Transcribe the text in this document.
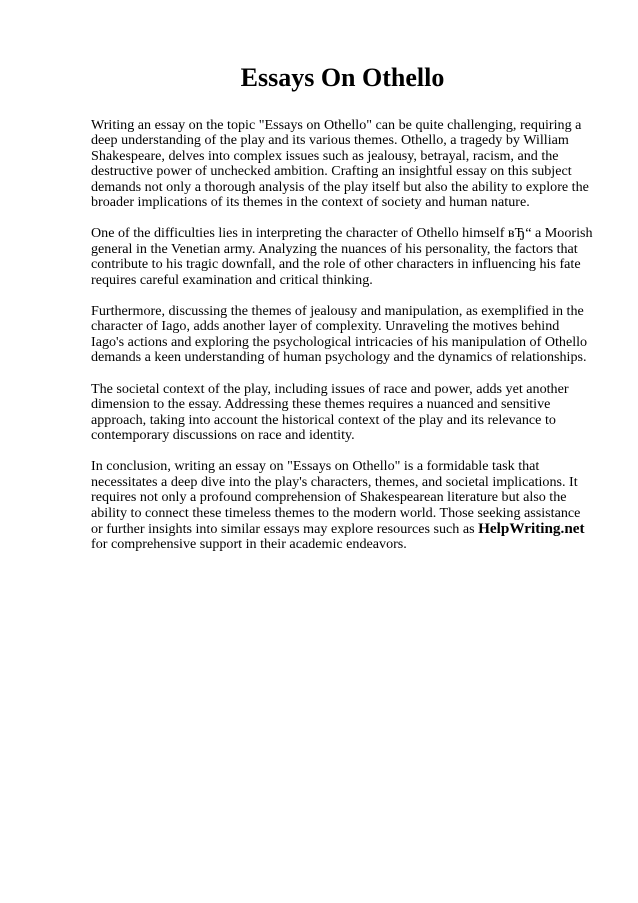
Essays On Othello

Writing an essay on the topic "Essays on Othello" can be quite challenging, requiring a deep understanding of the play and its various themes. Othello, a tragedy by William Shakespeare, delves into complex issues such as jealousy, betrayal, racism, and the destructive power of unchecked ambition. Crafting an insightful essay on this subject demands not only a thorough analysis of the play itself but also the ability to explore the broader implications of its themes in the context of society and human nature.

One of the difficulties lies in interpreting the character of Othello himself вЂ“ a Moorish general in the Venetian army. Analyzing the nuances of his personality, the factors that contribute to his tragic downfall, and the role of other characters in influencing his fate requires careful examination and critical thinking.

Furthermore, discussing the themes of jealousy and manipulation, as exemplified in the character of Iago, adds another layer of complexity. Unraveling the motives behind Iago's actions and exploring the psychological intricacies of his manipulation of Othello demands a keen understanding of human psychology and the dynamics of relationships.

The societal context of the play, including issues of race and power, adds yet another dimension to the essay. Addressing these themes requires a nuanced and sensitive approach, taking into account the historical context of the play and its relevance to contemporary discussions on race and identity.

In conclusion, writing an essay on "Essays on Othello" is a formidable task that necessitates a deep dive into the play's characters, themes, and societal implications. It requires not only a profound comprehension of Shakespearean literature but also the ability to connect these timeless themes to the modern world. Those seeking assistance or further insights into similar essays may explore resources such as HelpWriting.net for comprehensive support in their academic endeavors.
